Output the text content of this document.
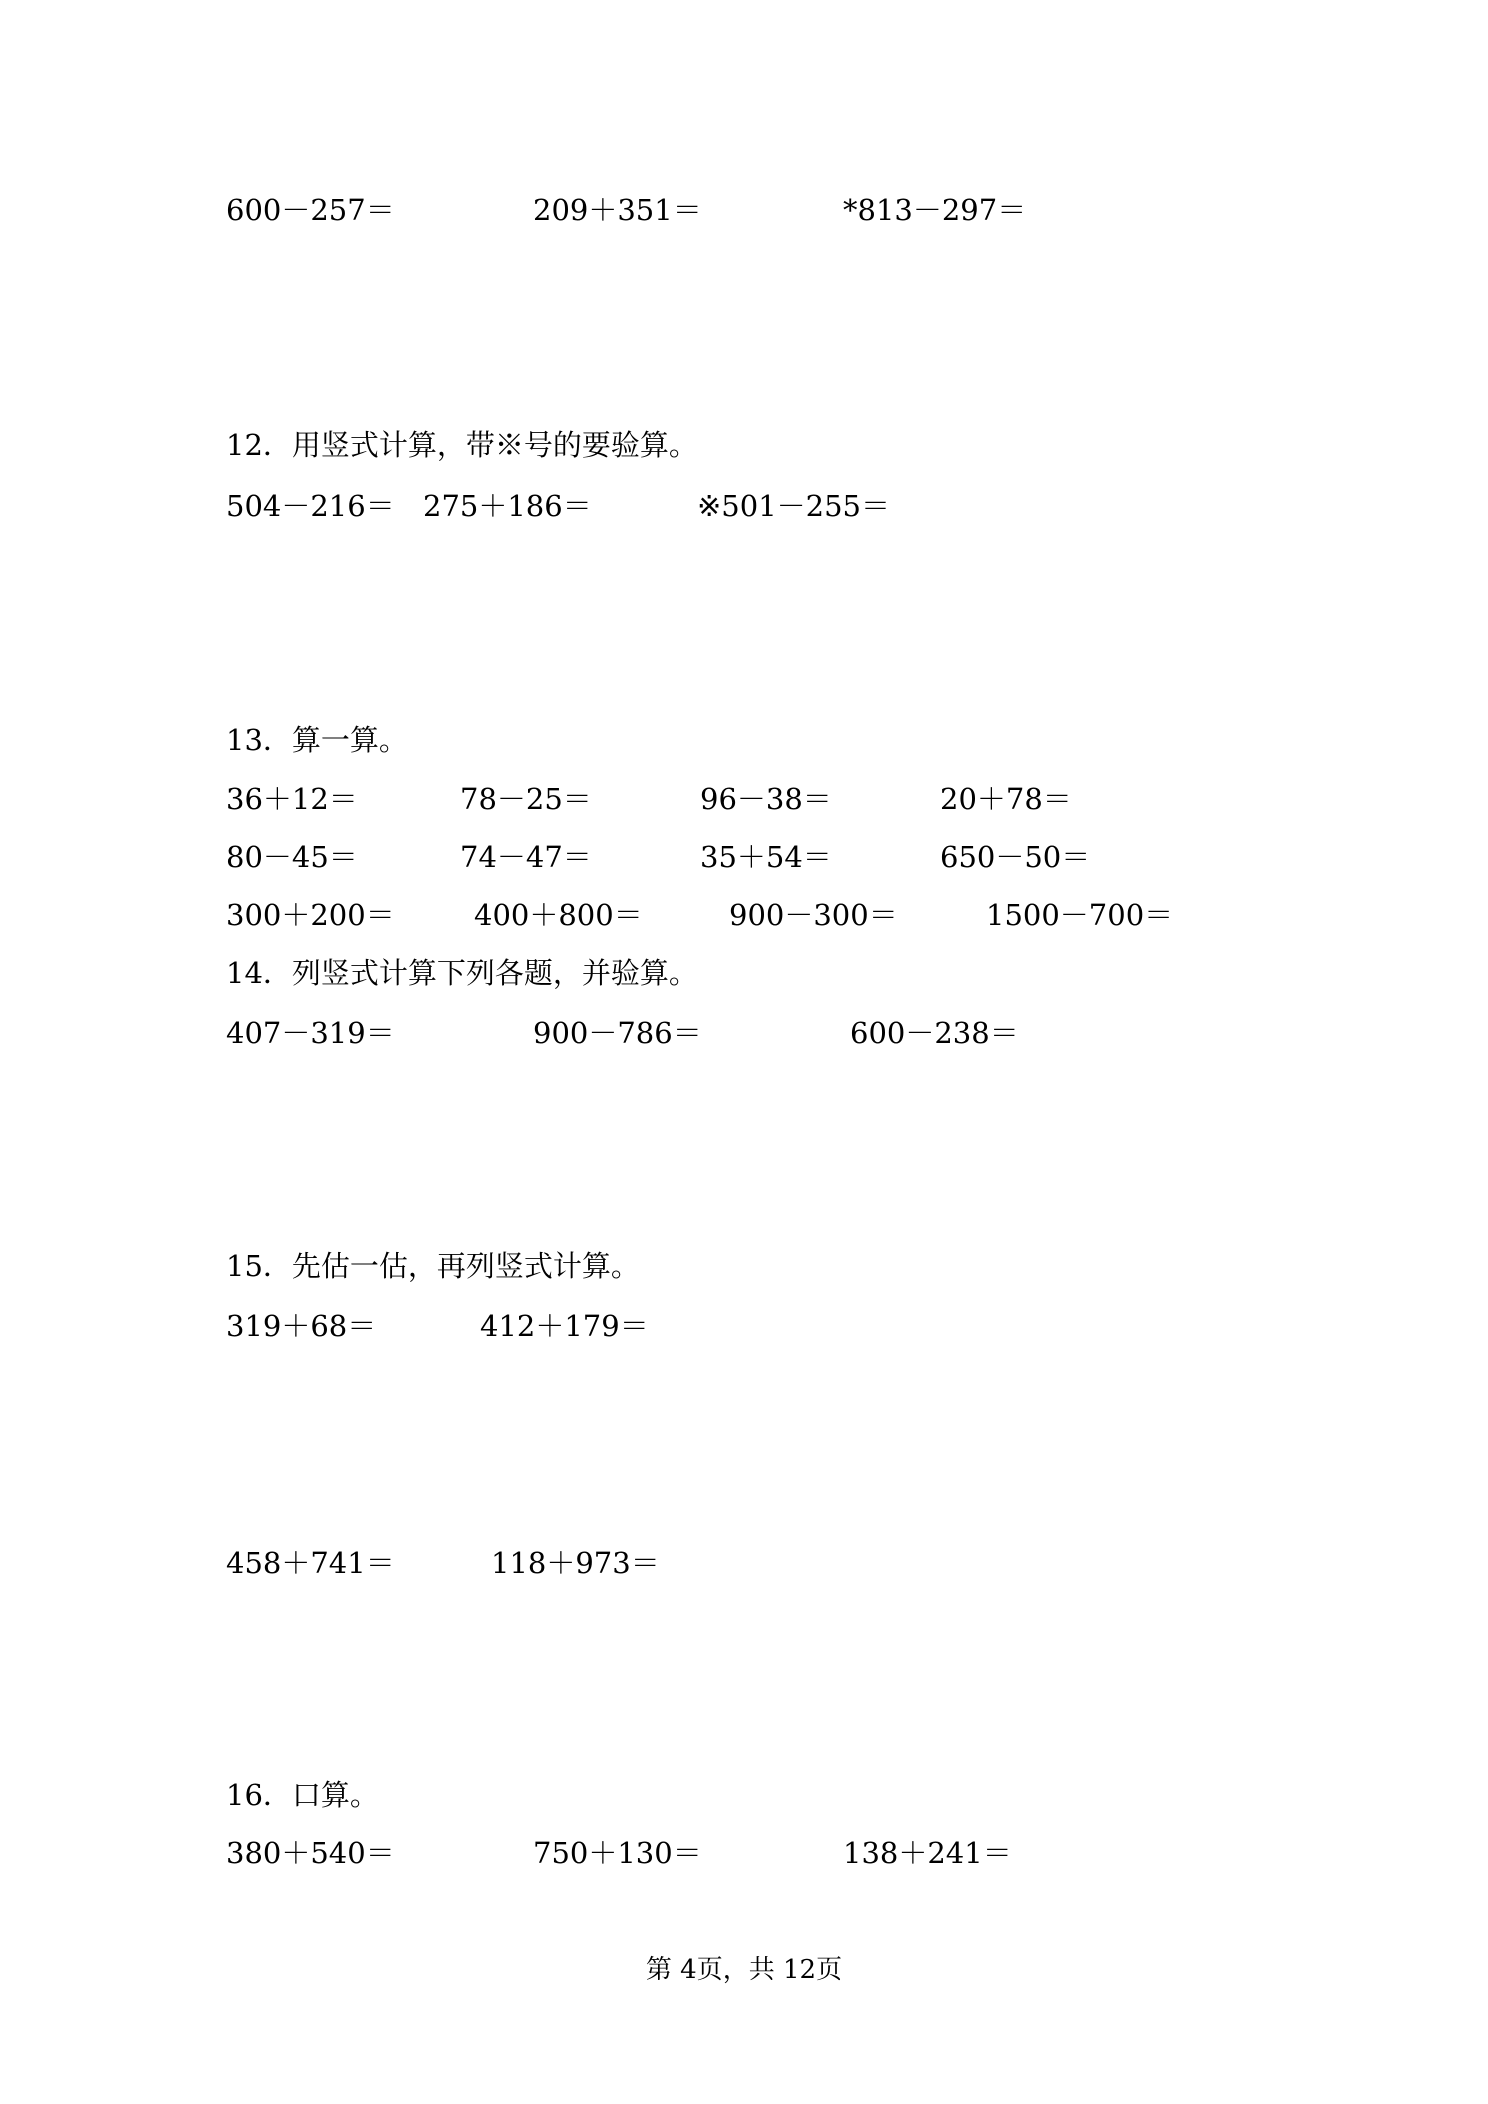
600－257＝	209＋351＝	*813－297＝
12．用竖式计算，带※号的要验算。
504－216＝ 275＋186＝	※501－255＝
13．算一算。
36＋12＝	78－25＝	96－38＝	20＋78＝
80－45＝	74－47＝	35＋54＝	650－50＝
300＋200＝	400＋800＝	900－300＝	1500－700＝
14．列竖式计算下列各题，并验算。
407－319＝	900－786＝	600－238＝
15．先估一估，再列竖式计算。
319＋68＝	412＋179＝
458＋741＝	118＋973＝
16．口算。
380＋540＝	750＋130＝	138＋241＝
第 4页，共 12页
